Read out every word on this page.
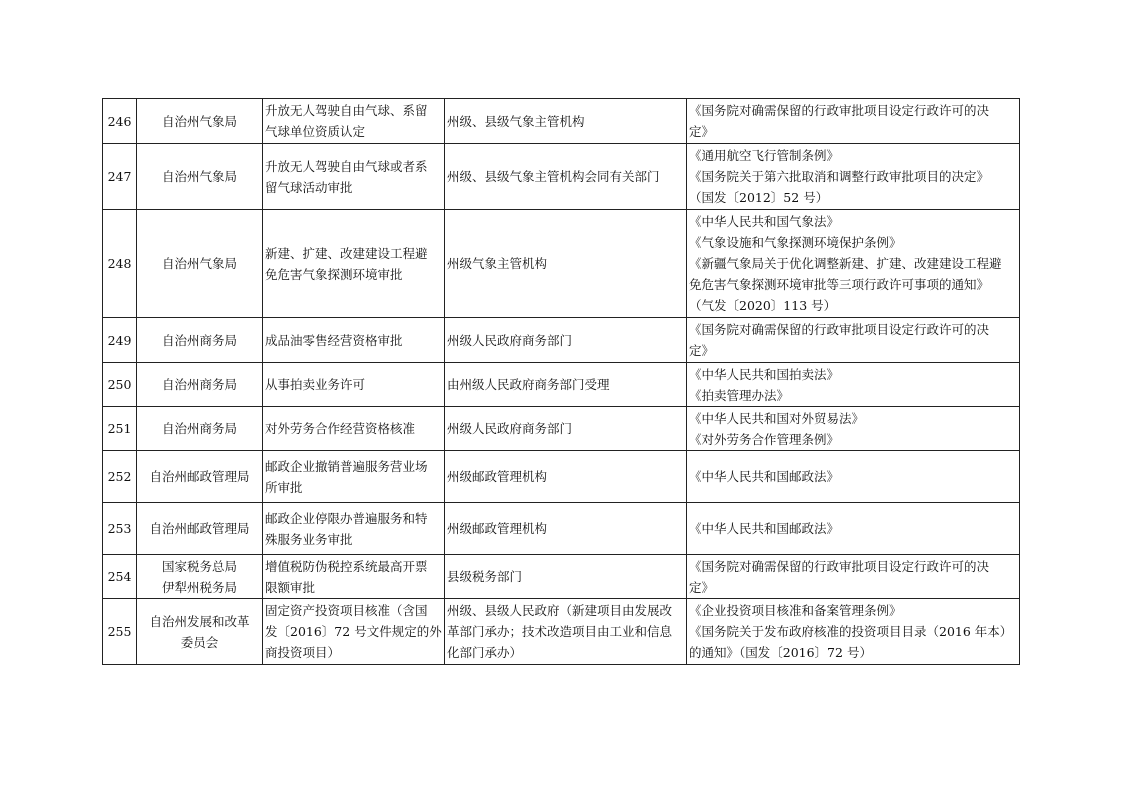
246	自治州气象局	升放无人驾驶自由气球、系留
气球单位资质认定	州级、县级气象主管机构	《国务院对确需保留的行政审批项目设定行政许可的决
定》

247	自治州气象局	升放无人驾驶自由气球或者系
留气球活动审批	州级、县级气象主管机构会同有关部门	《通用航空飞行管制条例》
《国务院关于第六批取消和调整行政审批项目的决定》
（国发〔2012〕52 号）

248	自治州气象局	新建、扩建、改建建设工程避
免危害气象探测环境审批	州级气象主管机构	《中华人民共和国气象法》
《气象设施和气象探测环境保护条例》
《新疆气象局关于优化调整新建、扩建、改建建设工程避
免危害气象探测环境审批等三项行政许可事项的通知》
（气发〔2020〕113 号）

249	自治州商务局	成品油零售经营资格审批	州级人民政府商务部门	《国务院对确需保留的行政审批项目设定行政许可的决
定》

250	自治州商务局	从事拍卖业务许可	由州级人民政府商务部门受理	《中华人民共和国拍卖法》
《拍卖管理办法》

251	自治州商务局	对外劳务合作经营资格核准	州级人民政府商务部门	《中华人民共和国对外贸易法》
《对外劳务合作管理条例》

252	自治州邮政管理局	邮政企业撤销普遍服务营业场
所审批	州级邮政管理机构	《中华人民共和国邮政法》

253	自治州邮政管理局	邮政企业停限办普遍服务和特
殊服务业务审批	州级邮政管理机构	《中华人民共和国邮政法》

254	国家税务总局
伊犁州税务局	增值税防伪税控系统最高开票
限额审批	县级税务部门	《国务院对确需保留的行政审批项目设定行政许可的决
定》

255	自治州发展和改革
委员会	固定资产投资项目核准（含国
发〔2016〕72 号文件规定的外
商投资项目）	州级、县级人民政府（新建项目由发展改
革部门承办；技术改造项目由工业和信息
化部门承办）	《企业投资项目核准和备案管理条例》
《国务院关于发布政府核准的投资项目目录（2016 年本）
的通知》（国发〔2016〕72 号）
